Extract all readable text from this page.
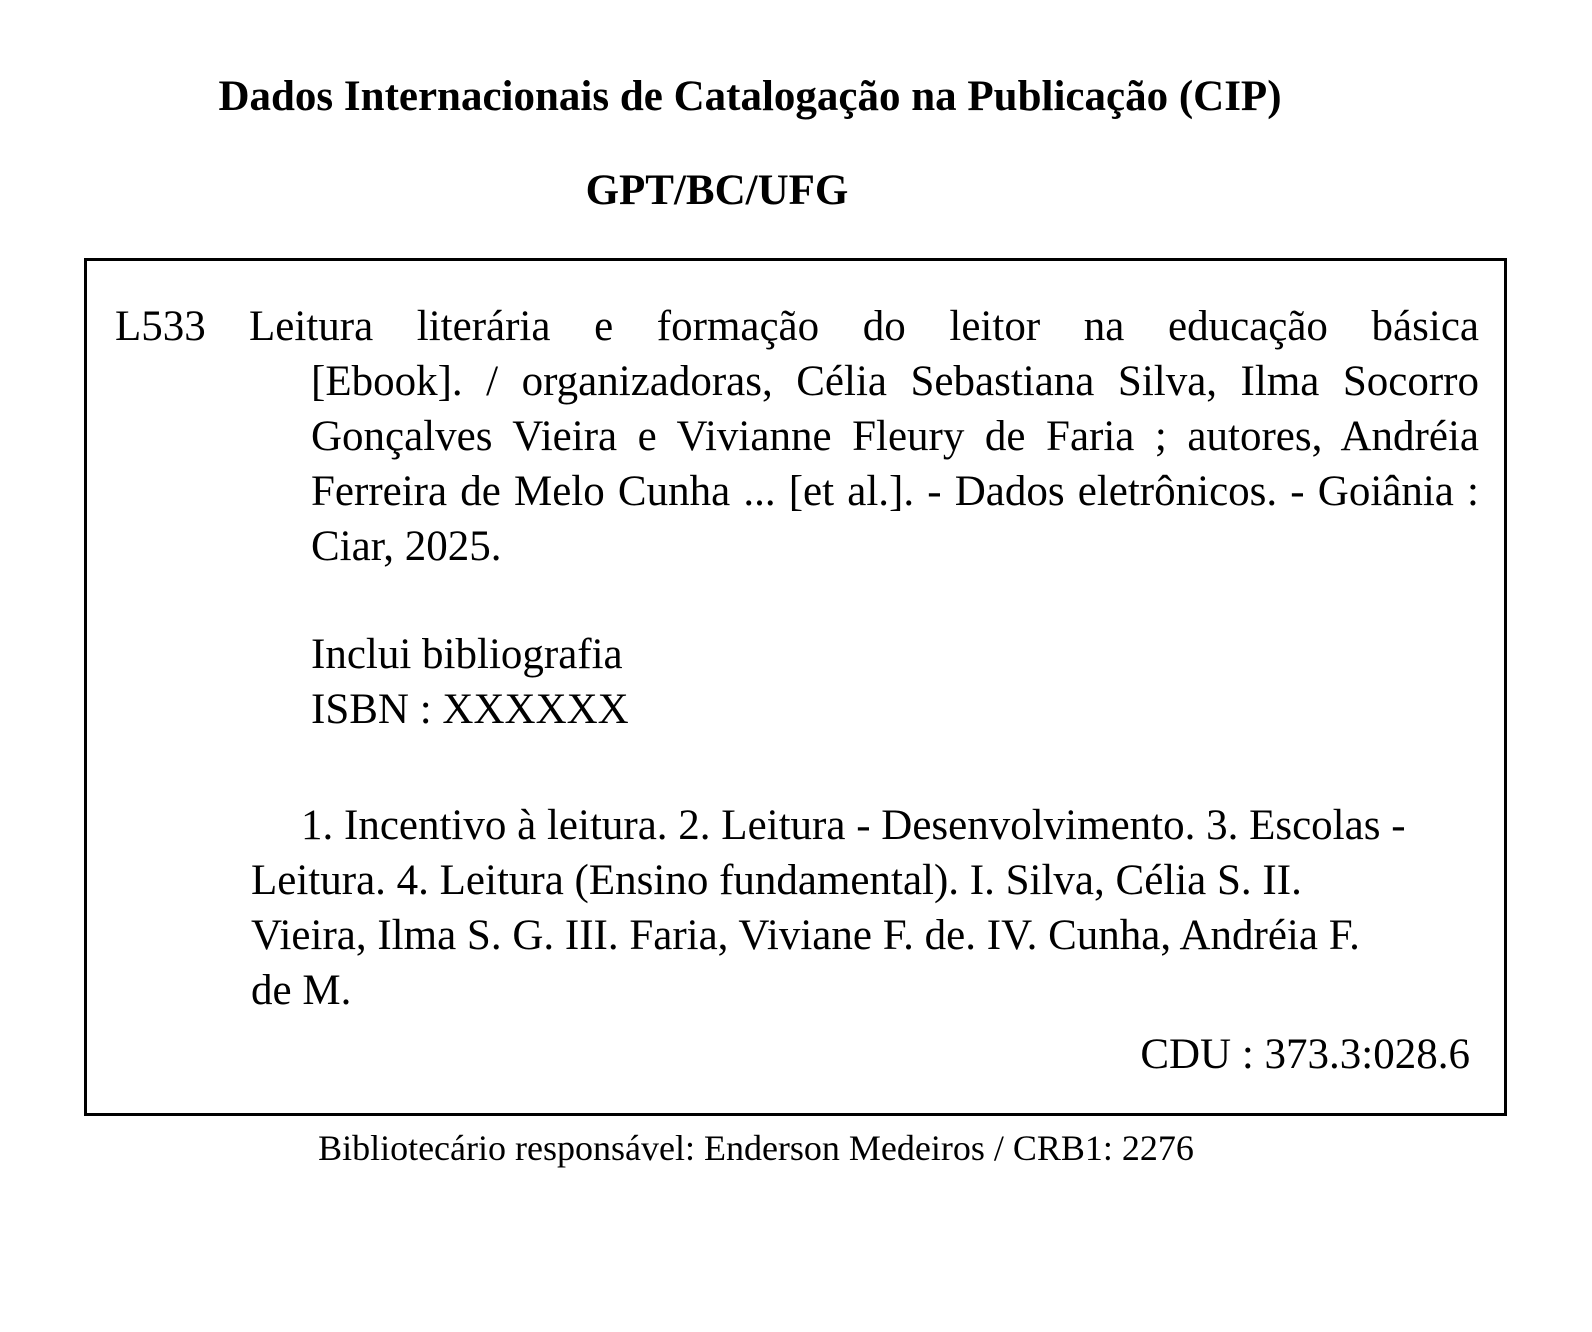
Dados Internacionais de Catalogação na Publicação (CIP)
GPT/BC/UFG
L533 Leitura literária e formação do leitor na educação básica
[Ebook]. / organizadoras, Célia Sebastiana Silva, Ilma Socorro Gonçalves Vieira e Vivianne Fleury de Faria ; autores, Andréia Ferreira de Melo Cunha ... [et al.]. - Dados eletrônicos. - Goiânia : Ciar, 2025.
Inclui bibliografia
ISBN : XXXXXX
1. Incentivo à leitura. 2. Leitura - Desenvolvimento. 3. Escolas - Leitura. 4. Leitura (Ensino fundamental). I. Silva, Célia S. II. Vieira, Ilma S. G. III. Faria, Viviane F. de. IV. Cunha, Andréia F. de M.
CDU : 373.3:028.6
Bibliotecário responsável: Enderson Medeiros / CRB1: 2276
